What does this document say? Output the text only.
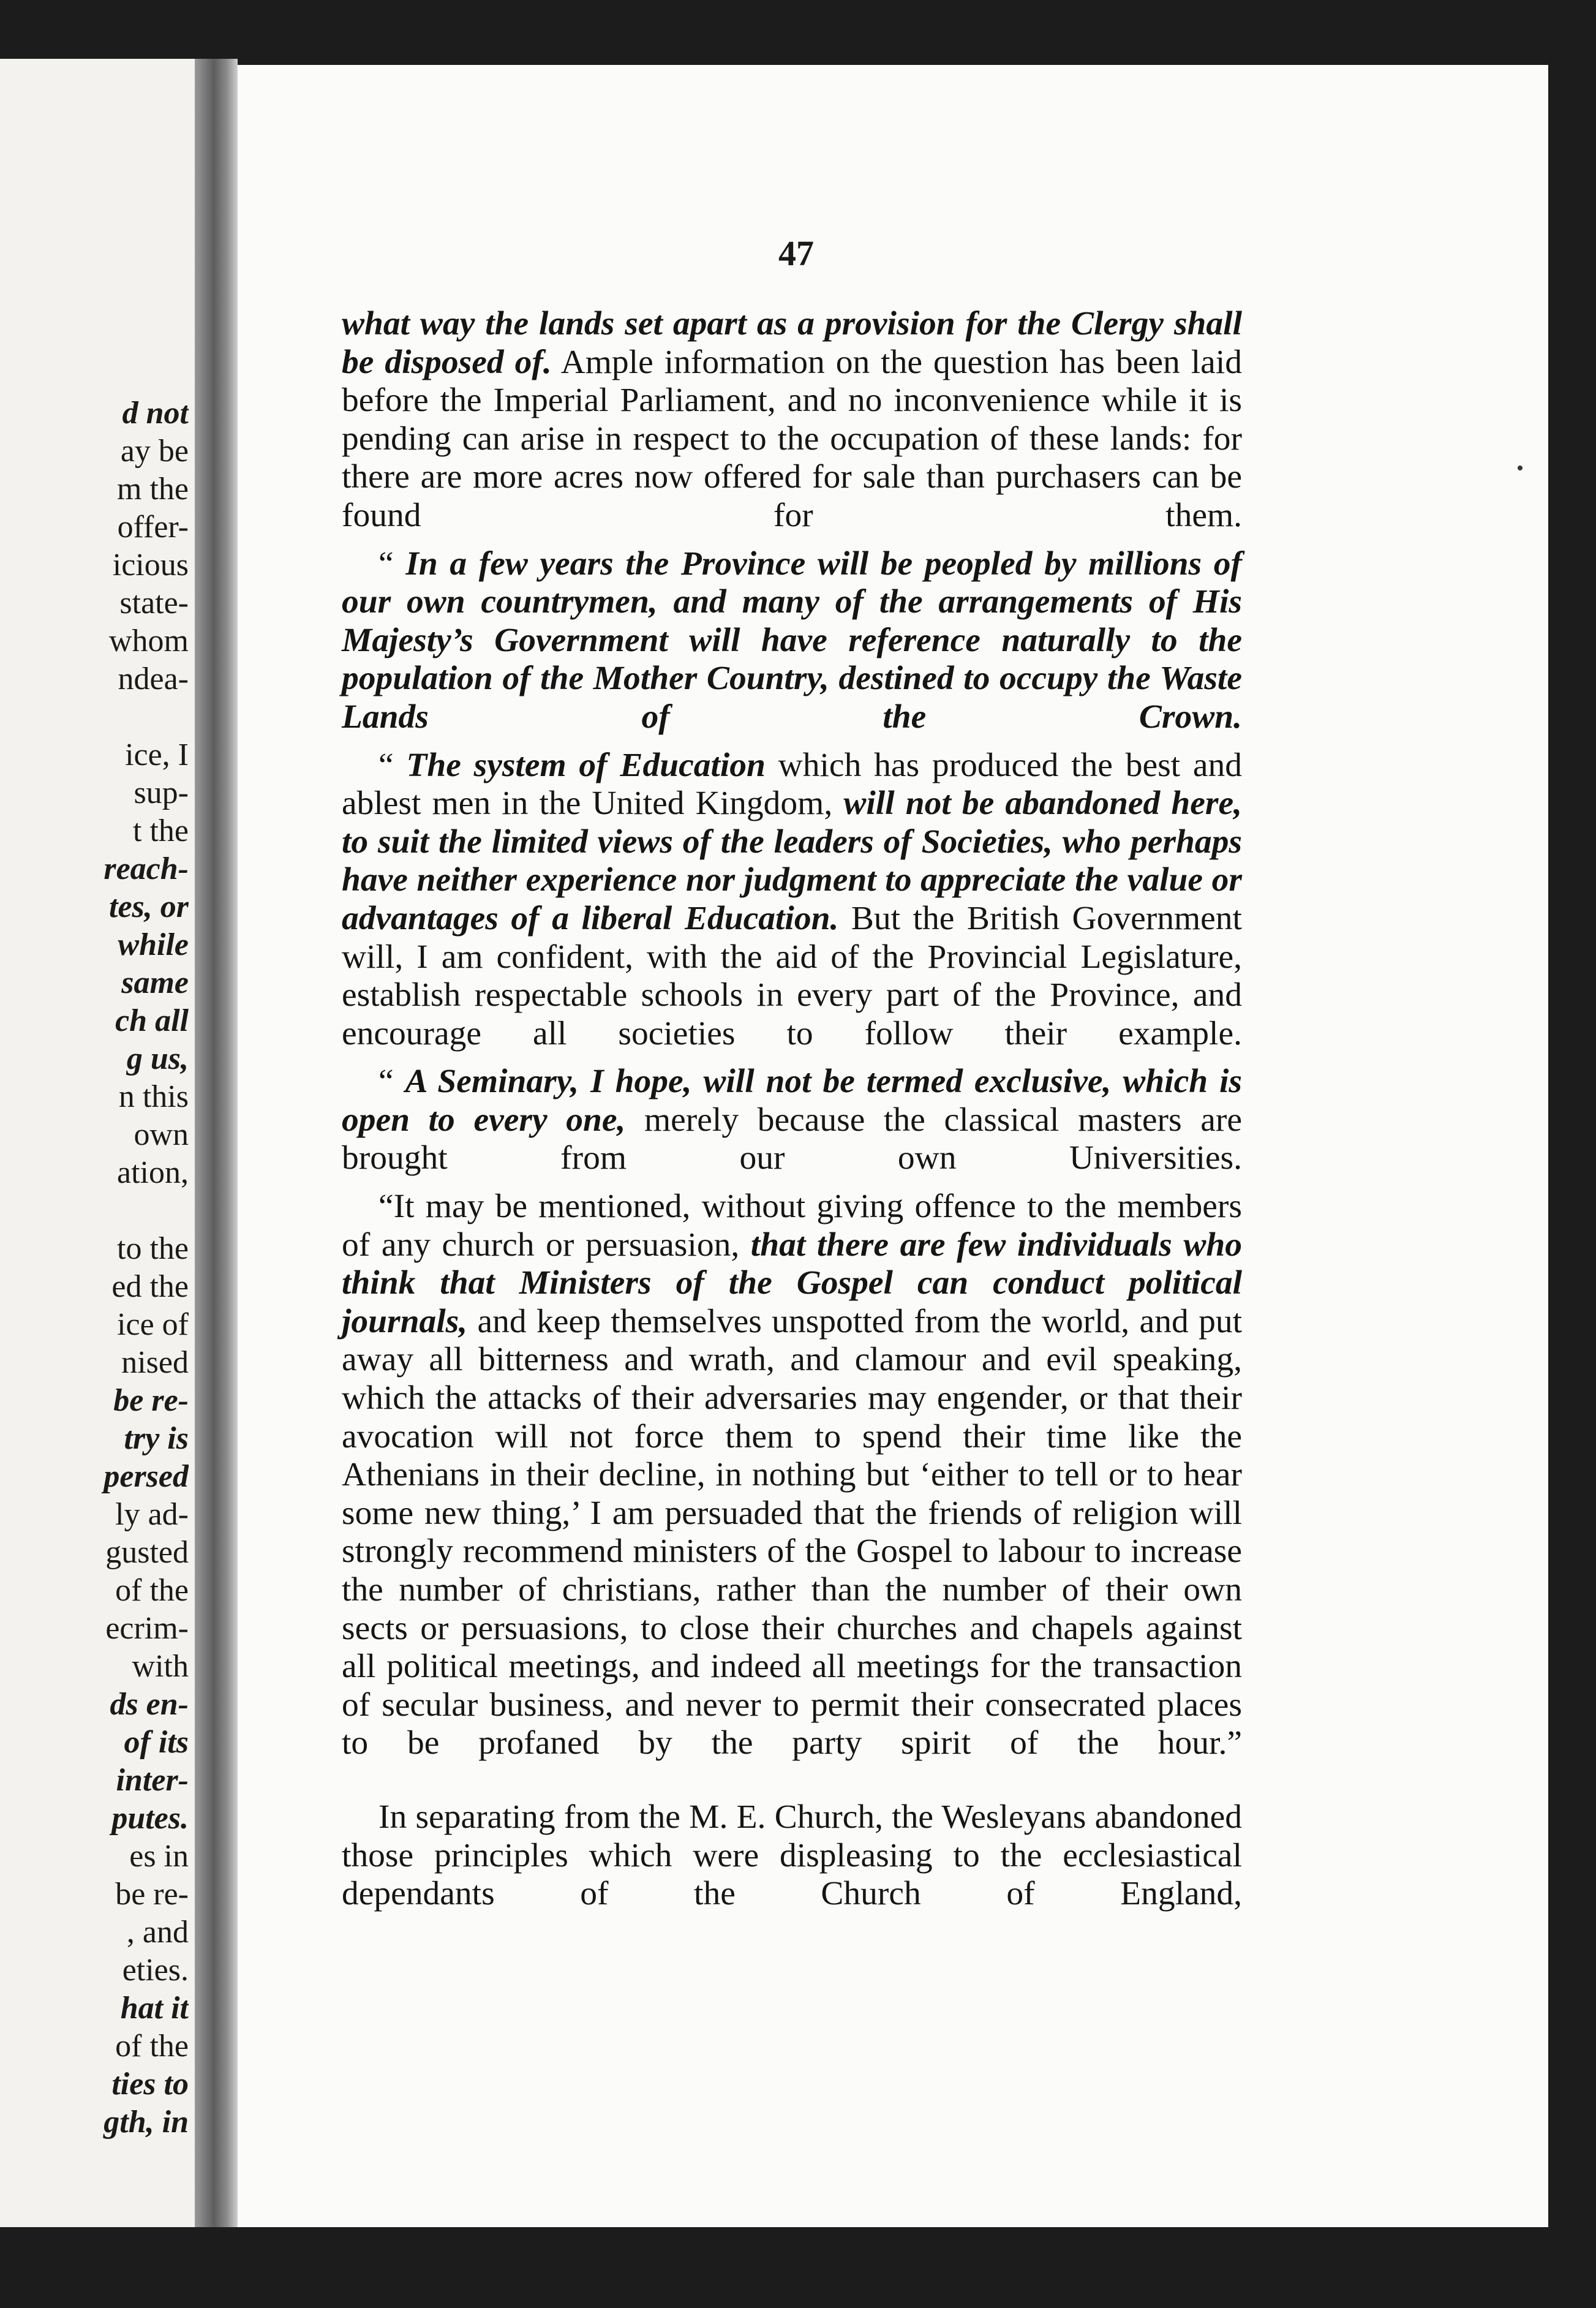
d not
ay be
m the
offer-
icious
state-
whom
ndea-
ice, I
sup-
t the
reach-
tes, or
while
same
ch all
g us,
n this
own
ation,
to the
ed the
ice of
nised
be re-
try is
persed
ly ad-
gusted
of the
ecrim-
with
ds en-
of its
inter-
putes.
es in
be re-
, and
eties.
hat it
of the
ties to
gth, in
47

what way the lands set apart as a provision for the Clergy shall be disposed of. Ample information on the question has been laid before the Imperial Parliament, and no inconvenience while it is pending can arise in respect to the occupation of these lands: for there are more acres now offered for sale than purchasers can be found for them.

“ In a few years the Province will be peopled by millions of our own countrymen, and many of the arrangements of His Majesty’s Government will have reference naturally to the population of the Mother Country, destined to occupy the Waste Lands of the Crown.

“ The system of Education which has produced the best and ablest men in the United Kingdom, will not be abandoned here, to suit the limited views of the leaders of Societies, who perhaps have neither experience nor judgment to appreciate the value or advantages of a liberal Education. But the British Government will, I am confident, with the aid of the Provincial Legislature, establish respectable schools in every part of the Province, and encourage all societies to follow their example.

“ A Seminary, I hope, will not be termed exclusive, which is open to every one, merely because the classical masters are brought from our own Universities.

“It may be mentioned, without giving offence to the members of any church or persuasion, that there are few individuals who think that Ministers of the Gospel can conduct political journals, and keep themselves unspotted from the world, and put away all bitterness and wrath, and clamour and evil speaking, which the attacks of their adversaries may engender, or that their avocation will not force them to spend their time like the Athenians in their decline, in nothing but ‘either to tell or to hear some new thing,’ I am persuaded that the friends of religion will strongly recommend ministers of the Gospel to labour to increase the number of christians, rather than the number of their own sects or persuasions, to close their churches and chapels against all political meetings, and indeed all meetings for the transaction of secular business, and never to permit their consecrated places to be profaned by the party spirit of the hour.”

In separating from the M. E. Church, the Wesleyans abandoned those principles which were displeasing to the ecclesiastical dependants of the Church of England,
